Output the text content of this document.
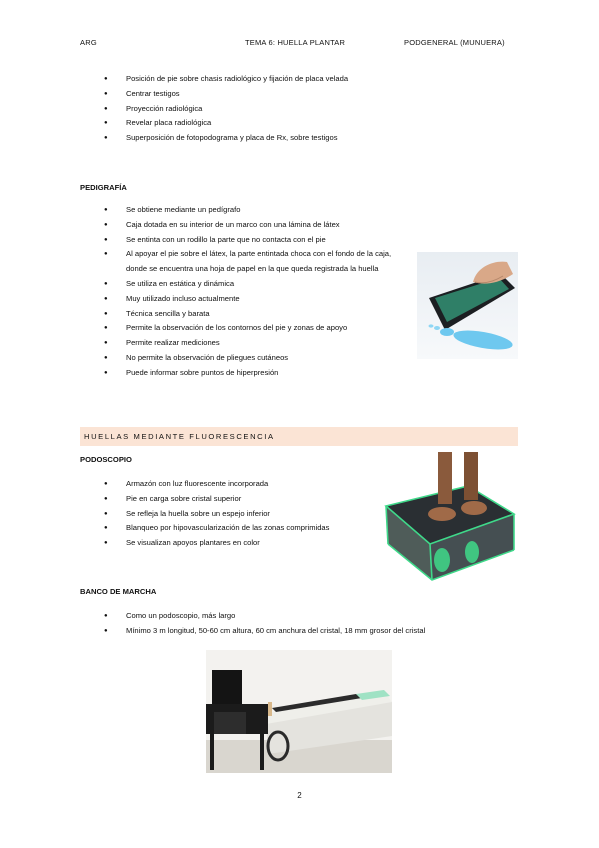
ARG	TEMA 6: HUELLA PLANTAR	PODGENERAL (MUNUERA)
● Posición de pie sobre chasis radiológico y fijación de placa velada
● Centrar testigos
● Proyección radiológica
● Revelar placa radiológica
● Superposición de fotopodograma y placa de Rx, sobre testigos
PEDIGRAFÍA
● Se obtiene mediante un pedígrafo
● Caja dotada en su interior de un marco con una lámina de látex
● Se entinta con un rodillo la parte que no contacta con el pie
● Al apoyar el pie sobre el látex, la parte entintada choca con el fondo de la caja, donde se encuentra una hoja de papel en la que queda registrada la huella
● Se utiliza en estática y dinámica
● Muy utilizado incluso actualmente
● Técnica sencilla y barata
● Permite la observación de los contornos del pie y zonas de apoyo
● Permite realizar mediciones
● No permite la observación de pliegues cutáneos
● Puede informar sobre puntos de hiperpresión
HUELLAS MEDIANTE FLUORESCENCIA
PODOSCOPIO
● Armazón con luz fluorescente incorporada
● Pie en carga sobre cristal superior
● Se refleja la huella sobre un espejo inferior
● Blanqueo por hipovascularización de las zonas comprimidas
● Se visualizan apoyos plantares en color
BANCO DE MARCHA
● Como un podoscopio, más largo
● Mínimo 3 m longitud, 50-60 cm altura, 60 cm anchura del cristal, 18 mm grosor del cristal
2
